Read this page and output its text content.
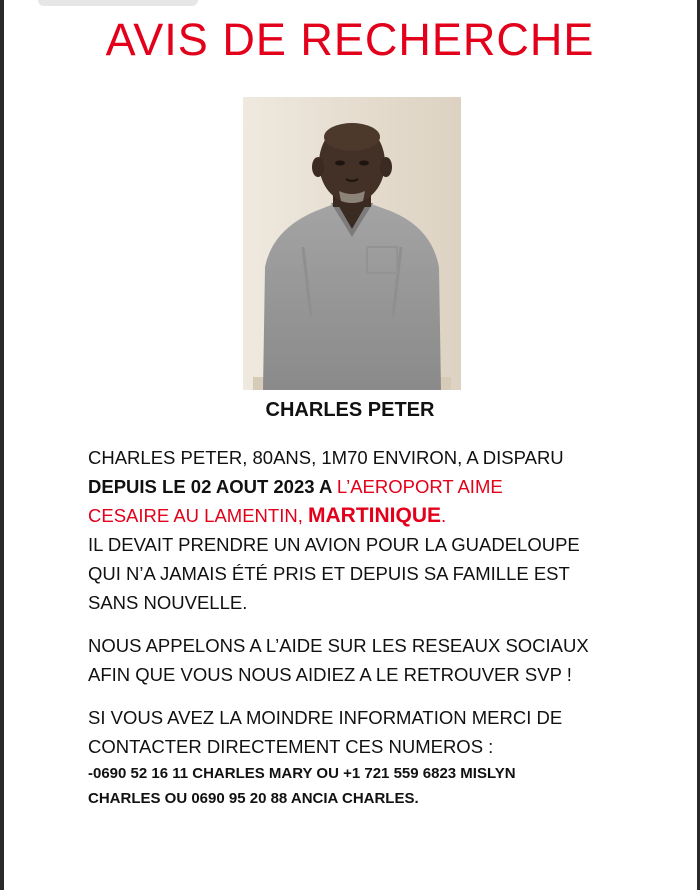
AVIS DE RECHERCHE
CHARLES PETER

CHARLES PETER, 80ANS, 1M70 ENVIRON, A DISPARU
DEPUIS LE 02 AOUT 2023 A L’AEROPORT AIME
CESAIRE AU LAMENTIN, MARTINIQUE.
IL DEVAIT PRENDRE UN AVION POUR LA GUADELOUPE
QUI N’A JAMAIS ÉTÉ PRIS ET DEPUIS SA FAMILLE EST
SANS NOUVELLE.

NOUS APPELONS A L’AIDE SUR LES RESEAUX SOCIAUX
AFIN QUE VOUS NOUS AIDIEZ A LE RETROUVER SVP !

SI VOUS AVEZ LA MOINDRE INFORMATION MERCI DE
CONTACTER DIRECTEMENT CES NUMEROS :

-0690 52 16 11 CHARLES MARY OU +1 721 559 6823 MISLYN
CHARLES OU 0690 95 20 88 ANCIA CHARLES.
